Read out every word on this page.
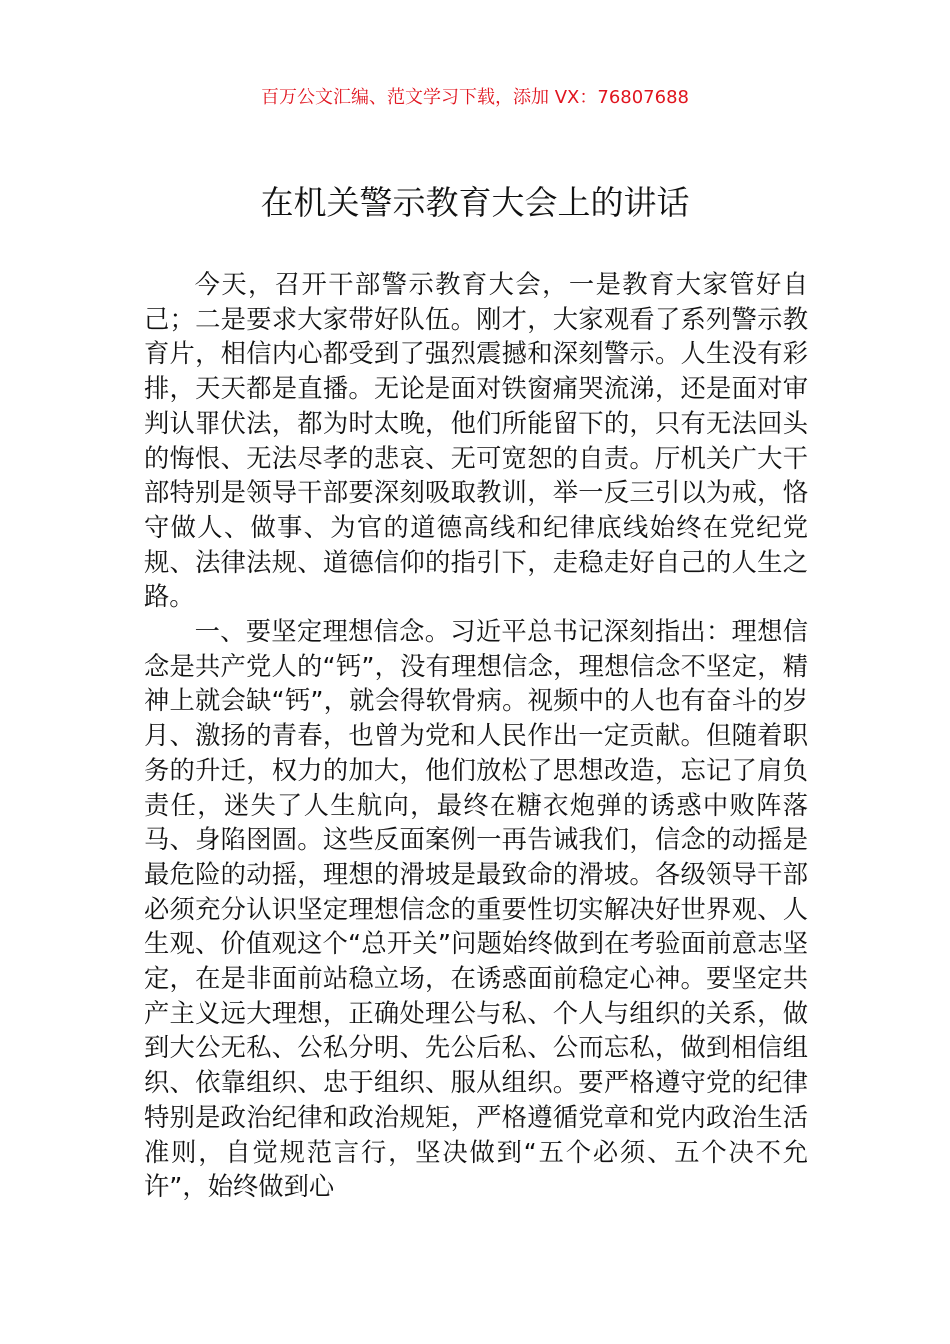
百万公文汇编、范文学习下载，添加 VX：76807688
在机关警示教育大会上的讲话

今天，召开干部警示教育大会，一是教育大家管好自己；二是要求大家带好队伍。刚才，大家观看了系列警示教育片，相信内心都受到了强烈震撼和深刻警示。人生没有彩排，天天都是直播。无论是面对铁窗痛哭流涕，还是面对审判认罪伏法，都为时太晚，他们所能留下的，只有无法回头的悔恨、无法尽孝的悲哀、无可宽恕的自责。厅机关广大干部特别是领导干部要深刻吸取教训，举一反三引以为戒，恪守做人、做事、为官的道德高线和纪律底线始终在党纪党规、法律法规、道德信仰的指引下，走稳走好自己的人生之路。

一、要坚定理想信念。习近平总书记深刻指出：理想信念是共产党人的“钙”，没有理想信念，理想信念不坚定，精神上就会缺“钙”，就会得软骨病。视频中的人也有奋斗的岁月、激扬的青春，也曾为党和人民作出一定贡献。但随着职务的升迁，权力的加大，他们放松了思想改造，忘记了肩负责任，迷失了人生航向，最终在糖衣炮弹的诱惑中败阵落马、身陷囹圄。这些反面案例一再告诫我们，信念的动摇是最危险的动摇，理想的滑坡是最致命的滑坡。各级领导干部必须充分认识坚定理想信念的重要性切实解决好世界观、人生观、价值观这个“总开关”问题始终做到在考验面前意志坚定，在是非面前站稳立场，在诱惑面前稳定心神。要坚定共产主义远大理想，正确处理公与私、个人与组织的关系，做到大公无私、公私分明、先公后私、公而忘私，做到相信组织、依靠组织、忠于组织、服从组织。要严格遵守党的纪律特别是政治纪律和政治规矩，严格遵循党章和党内政治生活准则，自觉规范言行，坚决做到“五个必须、五个决不允许”，始终做到心
